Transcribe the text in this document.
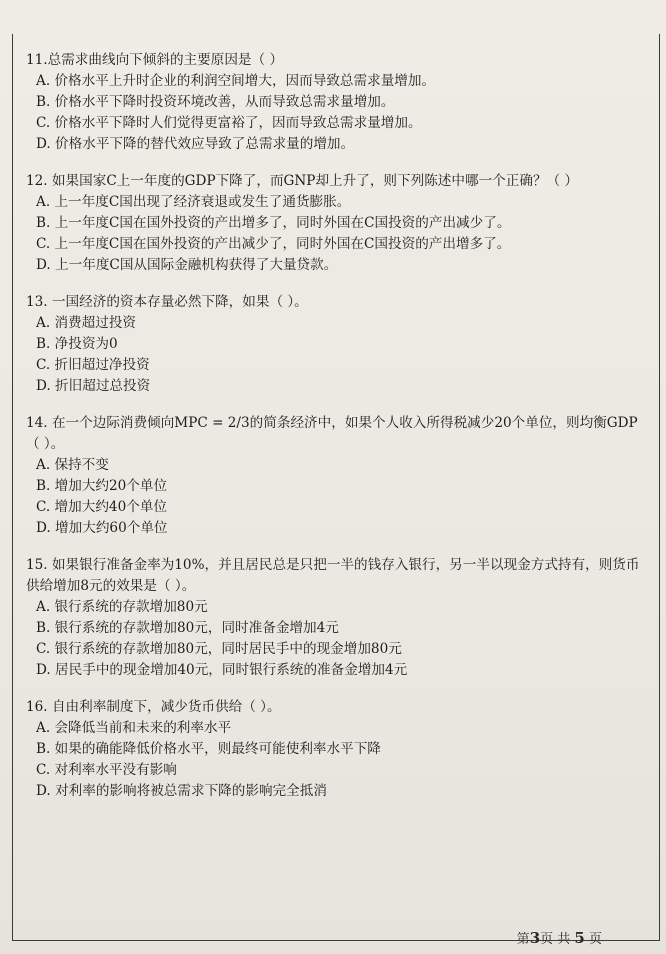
11.总需求曲线向下倾斜的主要原因是（ ）
A. 价格水平上升时企业的利润空间增大，因而导致总需求量增加。
B. 价格水平下降时投资环境改善，从而导致总需求量增加。
C. 价格水平下降时人们觉得更富裕了，因而导致总需求量增加。
D. 价格水平下降的替代效应导致了总需求量的增加。
12. 如果国家C上一年度的GDP下降了，而GNP却上升了，则下列陈述中哪一个正确？（ ）
A. 上一年度C国出现了经济衰退或发生了通货膨胀。
B. 上一年度C国在国外投资的产出增多了，同时外国在C国投资的产出减少了。
C. 上一年度C国在国外投资的产出减少了，同时外国在C国投资的产出增多了。
D. 上一年度C国从国际金融机构获得了大量贷款。
13. 一国经济的资本存量必然下降，如果（ ）。
A. 消费超过投资
B. 净投资为0
C. 折旧超过净投资
D. 折旧超过总投资
14. 在一个边际消费倾向MPC = 2/3的简条经济中，如果个人收入所得税减少20个单位，则均衡GDP（ ）。
A. 保持不变
B. 增加大约20个单位
C. 增加大约40个单位
D. 增加大约60个单位
15. 如果银行准备金率为10%，并且居民总是只把一半的钱存入银行，另一半以现金方式持有，则货币供给增加8元的效果是（ ）。
A. 银行系统的存款增加80元
B. 银行系统的存款增加80元，同时准备金增加4元
C. 银行系统的存款增加80元，同时居民手中的现金增加80元
D. 居民手中的现金增加40元，同时银行系统的准备金增加4元
16. 自由利率制度下，减少货币供给（ ）。
A. 会降低当前和未来的利率水平
B. 如果的确能降低价格水平，则最终可能使利率水平下降
C. 对利率水平没有影响
D. 对利率的影响将被总需求下降的影响完全抵消
第3页 共 5 页
